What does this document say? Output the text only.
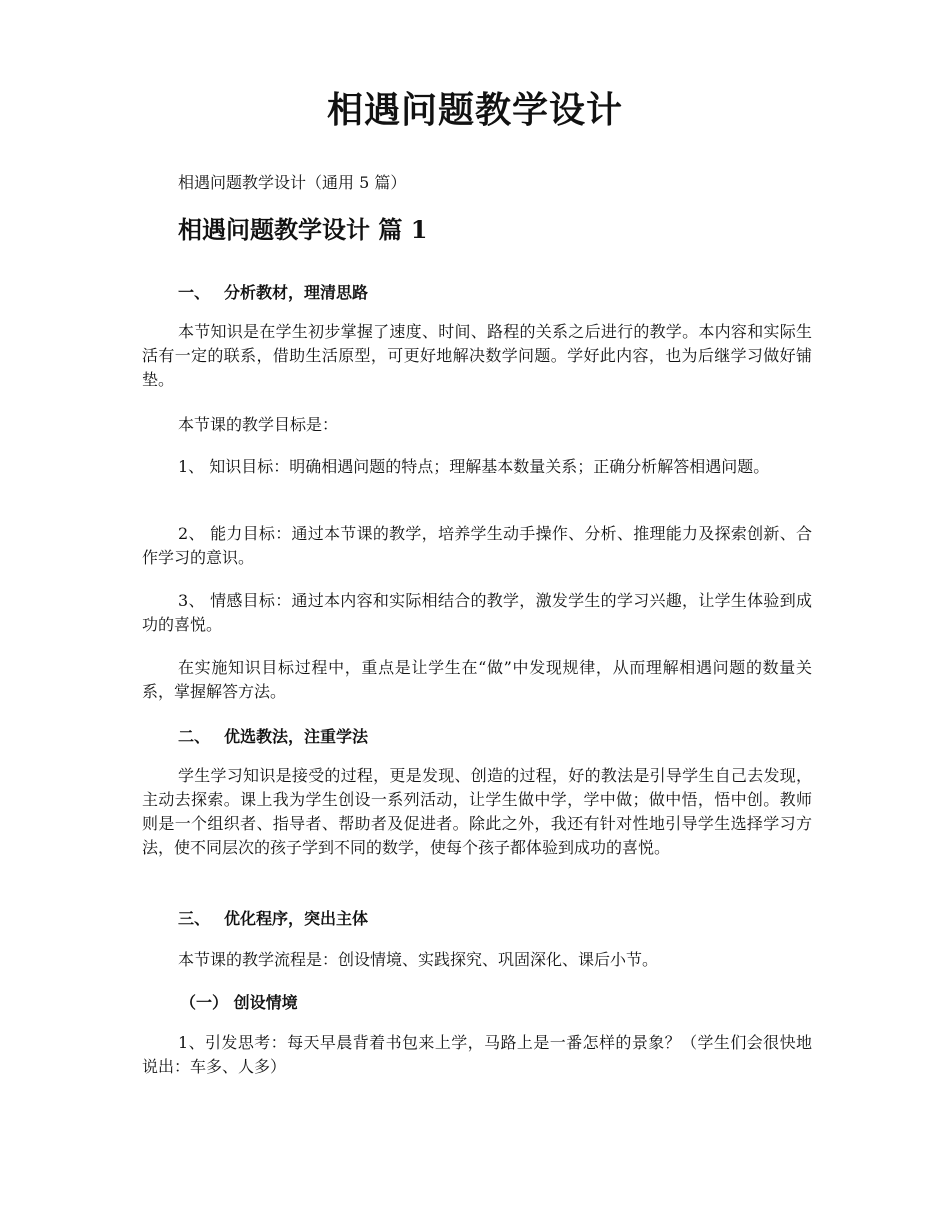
相遇问题教学设计

相遇问题教学设计（通用 5 篇）

相遇问题教学设计 篇 1
一、 分析教材，理清思路

本节知识是在学生初步掌握了速度、时间、路程的关系之后进行的教学。本内容和实际生活有一定的联系，借助生活原型，可更好地解决数学问题。学好此内容，也为后继学习做好铺垫。

本节课的教学目标是：

1、 知识目标：明确相遇问题的特点；理解基本数量关系；正确分析解答相遇问题。

2、 能力目标：通过本节课的教学，培养学生动手操作、分析、推理能力及探索创新、合作学习的意识。

3、 情感目标：通过本内容和实际相结合的教学，激发学生的学习兴趣，让学生体验到成功的喜悦。

在实施知识目标过程中，重点是让学生在“做”中发现规律，从而理解相遇问题的数量关系，掌握解答方法。

二、 优选教法，注重学法

学生学习知识是接受的过程，更是发现、创造的过程，好的教法是引导学生自己去发现，主动去探索。课上我为学生创设一系列活动，让学生做中学，学中做；做中悟，悟中创。教师则是一个组织者、指导者、帮助者及促进者。除此之外，我还有针对性地引导学生选择学习方法，使不同层次的孩子学到不同的数学，使每个孩子都体验到成功的喜悦。

三、 优化程序，突出主体

本节课的教学流程是：创设情境、实践探究、巩固深化、课后小节。

（一） 创设情境

1、引发思考：每天早晨背着书包来上学，马路上是一番怎样的景象？（学生们会很快地说出：车多、人多）
